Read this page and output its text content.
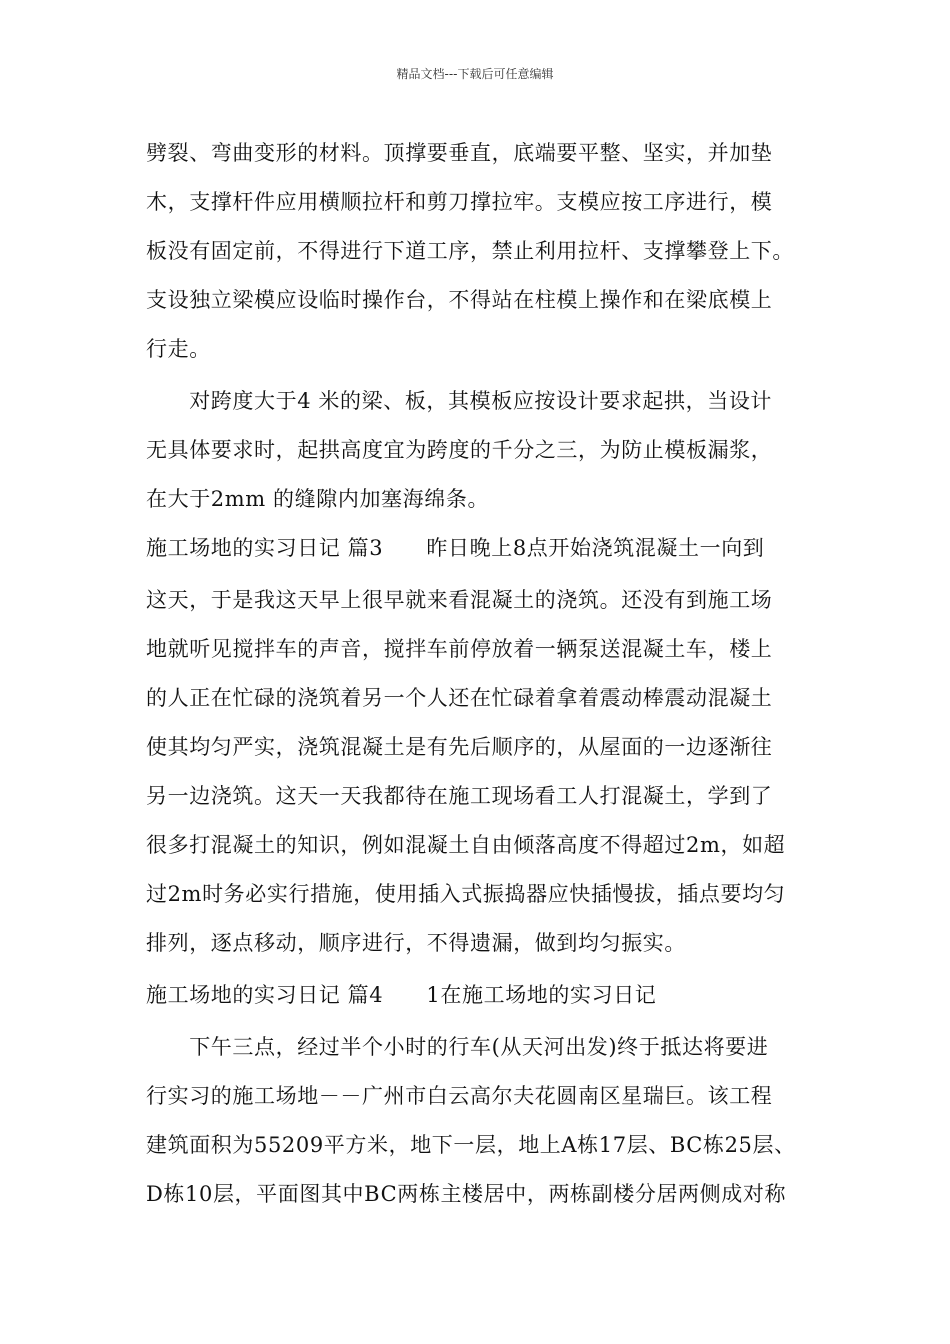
精品文档---下载后可任意编辑
劈裂、弯曲变形的材料。顶撑要垂直，底端要平整、坚实，并加垫
木，支撑杆件应用横顺拉杆和剪刀撑拉牢。支模应按工序进行，模
板没有固定前，不得进行下道工序，禁止利用拉杆、支撑攀登上下。
支设独立梁模应设临时操作台，不得站在柱模上操作和在梁底模上
行走。
　　对跨度大于4 米的梁、板，其模板应按设计要求起拱，当设计
无具体要求时，起拱高度宜为跨度的千分之三，为防止模板漏浆，
在大于2mm 的缝隙内加塞海绵条。
施工场地的实习日记 篇3　　昨日晚上8点开始浇筑混凝土一向到
这天，于是我这天早上很早就来看混凝土的浇筑。还没有到施工场
地就听见搅拌车的声音，搅拌车前停放着一辆泵送混凝土车，楼上
的人正在忙碌的浇筑着另一个人还在忙碌着拿着震动棒震动混凝土
使其均匀严实，浇筑混凝土是有先后顺序的，从屋面的一边逐渐往
另一边浇筑。这天一天我都待在施工现场看工人打混凝土，学到了
很多打混凝土的知识，例如混凝土自由倾落高度不得超过2m，如超
过2m时务必实行措施，使用插入式振捣器应快插慢拔，插点要均匀
排列，逐点移动，顺序进行，不得遗漏，做到均匀振实。
施工场地的实习日记 篇4　　1在施工场地的实习日记
　　下午三点，经过半个小时的行车(从天河出发)终于抵达将要进
行实习的施工场地－－广州市白云高尔夫花圆南区星瑞巨。该工程
建筑面积为55209平方米，地下一层，地上A栋17层、BC栋25层、
D栋10层，平面图其中BC两栋主楼居中，两栋副楼分居两侧成对称
